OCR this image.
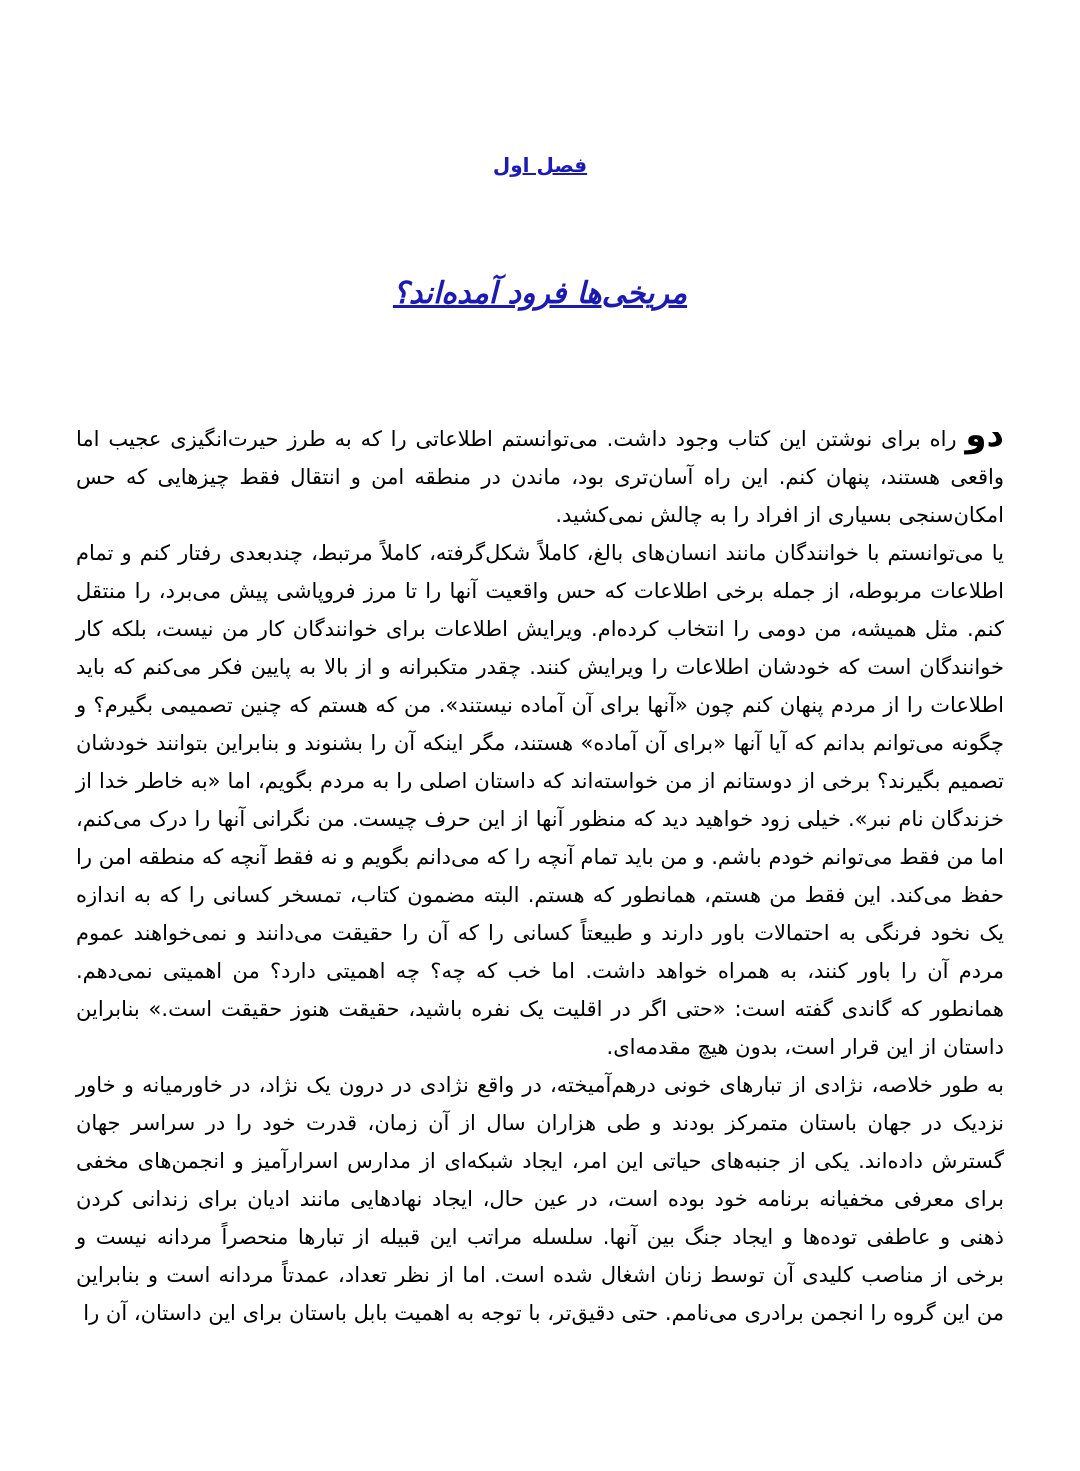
فصل اول
مریخی‌ها فرود آمده‌اند؟

دو راه برای نوشتن این کتاب وجود داشت. می‌توانستم اطلاعاتی را که به طرز حیرت‌انگیزی عجیب اما واقعی هستند، پنهان کنم. این راه آسان‌تری بود، ماندن در منطقه امن و انتقال فقط چیزهایی که حس امکان‌سنجی بسیاری از افراد را به چالش نمی‌کشید.

یا می‌توانستم با خوانندگان مانند انسان‌های بالغ، کاملاً شکل‌گرفته، کاملاً مرتبط، چندبعدی رفتار کنم و تمام اطلاعات مربوطه، از جمله برخی اطلاعات که حس واقعیت آنها را تا مرز فروپاشی پیش می‌برد، را منتقل کنم. مثل همیشه، من دومی را انتخاب کرده‌ام. ویرایش اطلاعات برای خوانندگان کار من نیست، بلکه کار خوانندگان است که خودشان اطلاعات را ویرایش کنند. چقدر متکبرانه و از بالا به پایین فکر می‌کنم که باید اطلاعات را از مردم پنهان کنم چون «آنها برای آن آماده نیستند». من که هستم که چنین تصمیمی بگیرم؟ و چگونه می‌توانم بدانم که آیا آنها «برای آن آماده» هستند، مگر اینکه آن را بشنوند و بنابراین بتوانند خودشان تصمیم بگیرند؟ برخی از دوستانم از من خواسته‌اند که داستان اصلی را به مردم بگویم، اما «به خاطر خدا از خزندگان نام نبر». خیلی زود خواهید دید که منظور آنها از این حرف چیست. من نگرانی آنها را درک می‌کنم، اما من فقط می‌توانم خودم باشم. و من باید تمام آنچه را که می‌دانم بگویم و نه فقط آنچه که منطقه امن را حفظ می‌کند. این فقط من هستم، همانطور که هستم. البته مضمون کتاب، تمسخر کسانی را که به اندازه یک نخود فرنگی به احتمالات باور دارند و طبیعتاً کسانی را که آن را حقیقت می‌دانند و نمی‌خواهند عموم مردم آن را باور کنند، به همراه خواهد داشت. اما خب که چه؟ چه اهمیتی دارد؟ من اهمیتی نمی‌دهم. همانطور که گاندی گفته است: «حتی اگر در اقلیت یک نفره باشید، حقیقت هنوز حقیقت است.» بنابراین داستان از این قرار است، بدون هیچ مقدمه‌ای.

به طور خلاصه، نژادی از تبارهای خونی درهم‌آمیخته، در واقع نژادی در درون یک نژاد، در خاورمیانه و خاور نزدیک در جهان باستان متمرکز بودند و طی هزاران سال از آن زمان، قدرت خود را در سراسر جهان گسترش داده‌اند. یکی از جنبه‌های حیاتی این امر، ایجاد شبکه‌ای از مدارس اسرارآمیز و انجمن‌های مخفی برای معرفی مخفیانه برنامه خود بوده است، در عین حال، ایجاد نهادهایی مانند ادیان برای زندانی کردن ذهنی و عاطفی توده‌ها و ایجاد جنگ بین آنها. سلسله مراتب این قبیله از تبارها منحصراً مردانه نیست و برخی از مناصب کلیدی آن توسط زنان اشغال شده است. اما از نظر تعداد، عمدتاً مردانه است و بنابراین من این گروه را انجمن برادری می‌نامم. حتی دقیق‌تر، با توجه به اهمیت بابل باستان برای این داستان، آن را
